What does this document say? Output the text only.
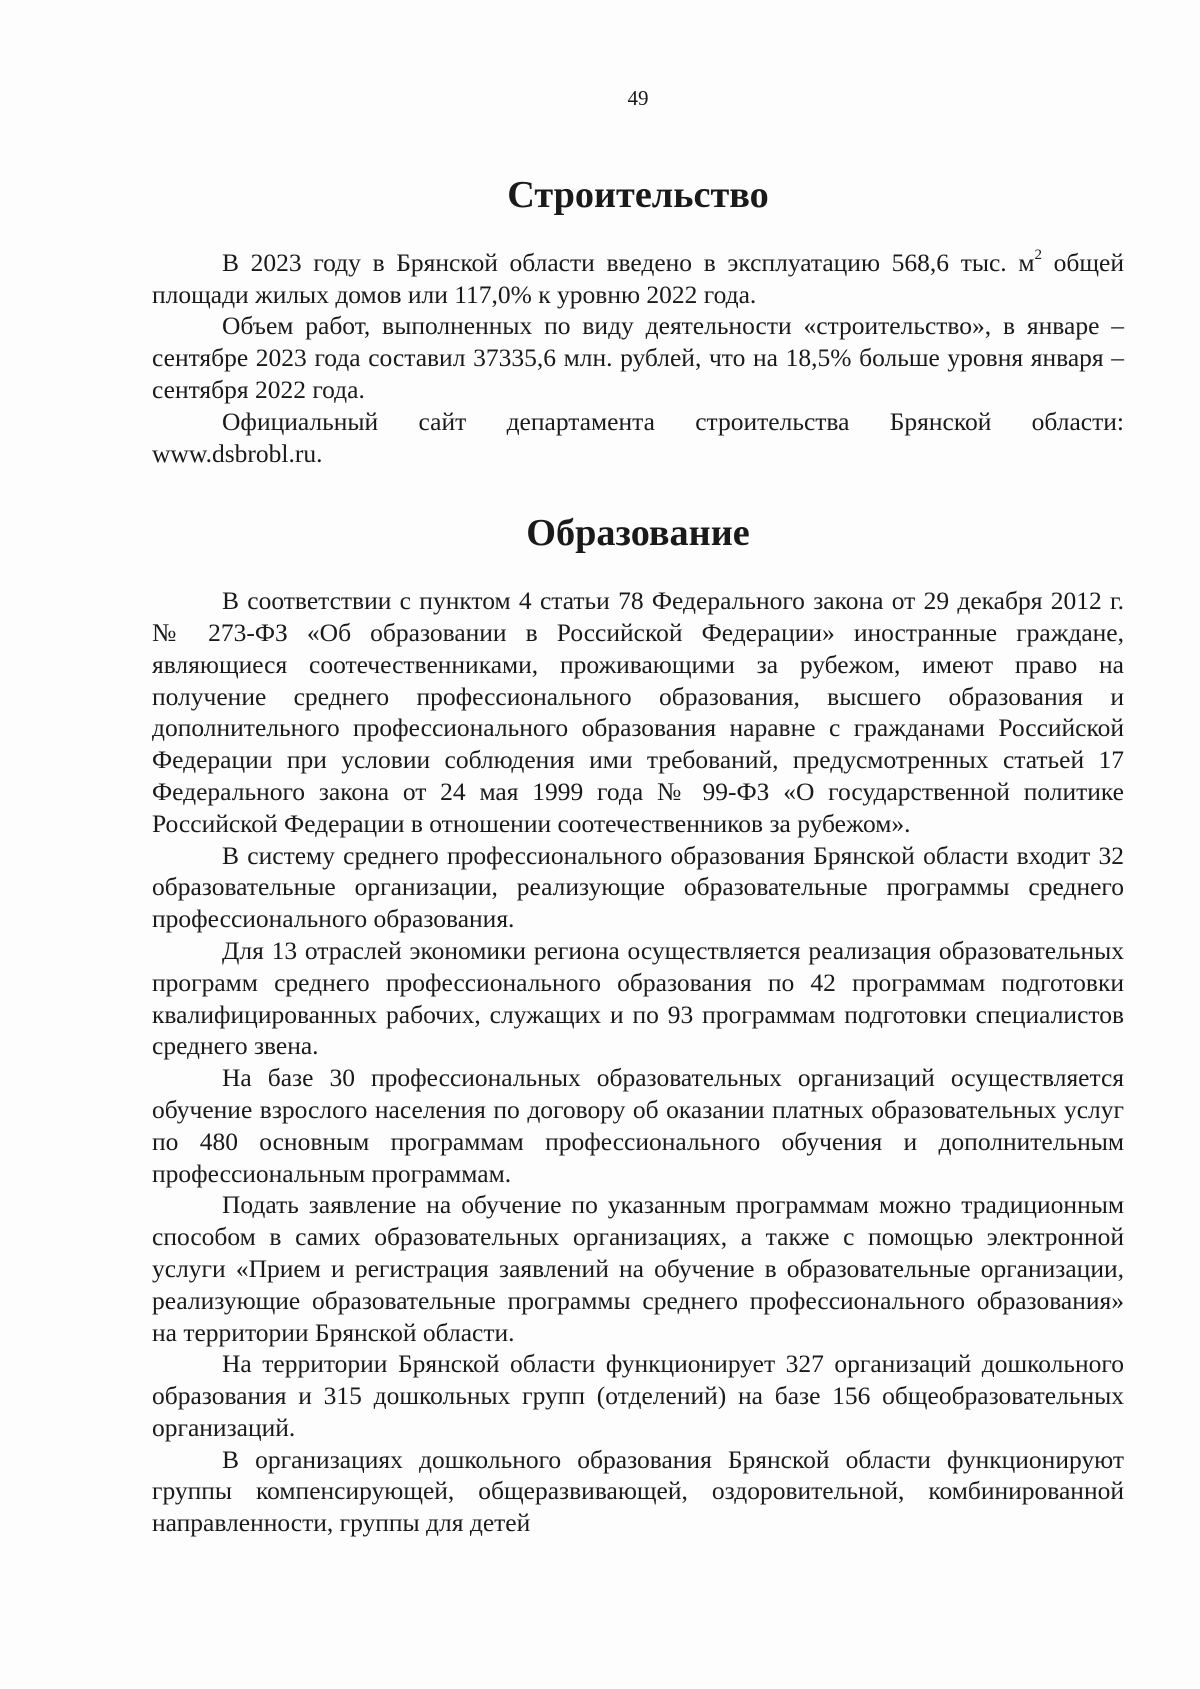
49
Строительство

В 2023 году в Брянской области введено в эксплуатацию 568,6 тыс. $м^2$ общей площади жилых домов или 117,0% к уровню 2022 года.

Объем работ, выполненных по виду деятельности «строительство», в январе – сентябре 2023 года составил 37335,6 млн. рублей, что на 18,5% больше уровня января – сентября 2022 года.

Официальный сайт департамента строительства Брянской области: www.dsbrobl.ru.

Образование

В соответствии с пунктом 4 статьи 78 Федерального закона от 29 декабря 2012 г. № 273-ФЗ «Об образовании в Российской Федерации» иностранные граждане, являющиеся соотечественниками, проживающими за рубежом, имеют право на получение среднего профессионального образования, высшего образования и дополнительного профессионального образования наравне с гражданами Российской Федерации при условии соблюдения ими требований, предусмотренных статьей 17 Федерального закона от 24 мая 1999 года № 99-ФЗ «О государственной политике Российской Федерации в отношении соотечественников за рубежом».

В систему среднего профессионального образования Брянской области входит 32 образовательные организации, реализующие образовательные программы среднего профессионального образования.

Для 13 отраслей экономики региона осуществляется реализация образовательных программ среднего профессионального образования по 42 программам подготовки квалифицированных рабочих, служащих и по 93 программам подготовки специалистов среднего звена.

На базе 30 профессиональных образовательных организаций осуществляется обучение взрослого населения по договору об оказании платных образовательных услуг по 480 основным программам профессионального обучения и дополнительным профессиональным программам.

Подать заявление на обучение по указанным программам можно традиционным способом в самих образовательных организациях, а также с помощью электронной услуги «Прием и регистрация заявлений на обучение в образовательные организации, реализующие образовательные программы среднего профессионального образования» на территории Брянской области.

На территории Брянской области функционирует 327 организаций дошкольного образования и 315 дошкольных групп (отделений) на базе 156 общеобразовательных организаций.

В организациях дошкольного образования Брянской области функционируют группы компенсирующей, общеразвивающей, оздоровительной, комбинированной направленности, группы для детей
